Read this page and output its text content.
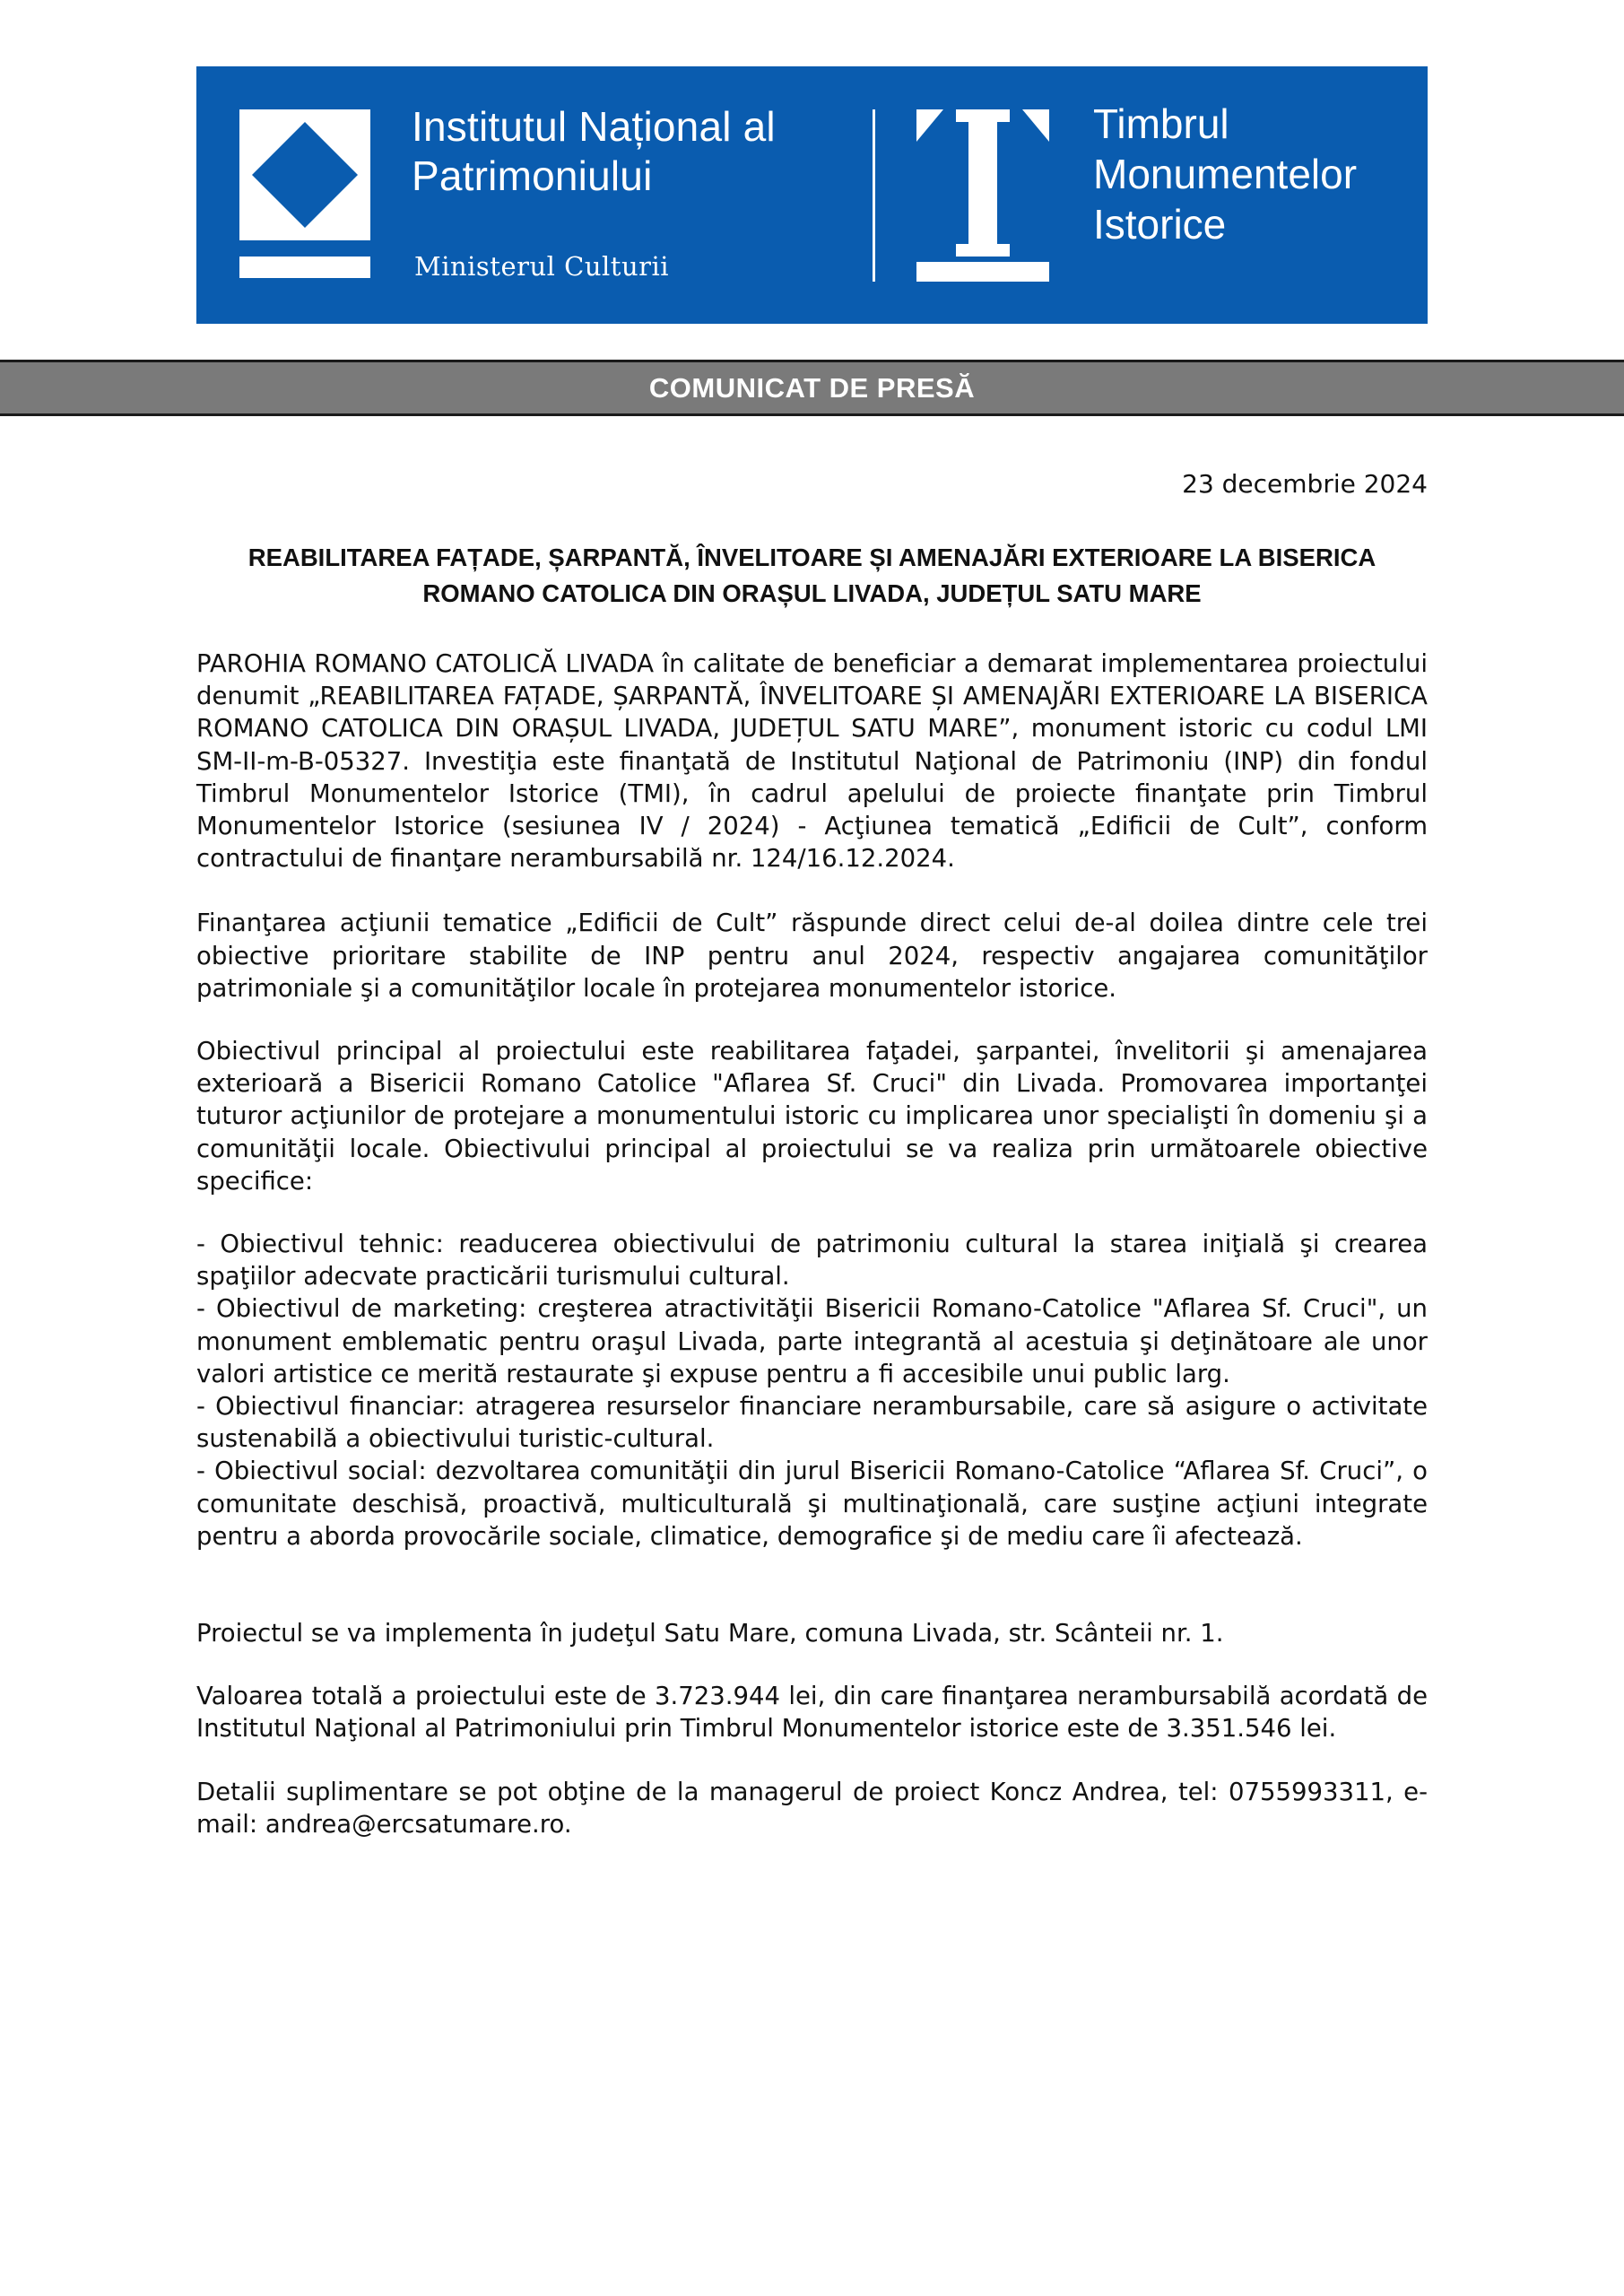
Institutul Național al
Patrimoniului
Ministerul Culturii
Timbrul
Monumentelor
Istorice
COMUNICAT DE PRESĂ
23 decembrie 2024
REABILITAREA FAȚADE, ȘARPANTĂ, ÎNVELITOARE ȘI AMENAJĂRI EXTERIOARE LA BISERICA
ROMANO CATOLICA DIN ORAȘUL LIVADA, JUDEȚUL SATU MARE

PAROHIA ROMANO CATOLICĂ LIVADA în calitate de beneficiar a demarat implementarea proiectului denumit „REABILITAREA FAȚADE, ȘARPANTĂ, ÎNVELITOARE ȘI AMENAJĂRI EXTERIOARE LA BISERICA ROMANO CATOLICA DIN ORAȘUL LIVADA, JUDEȚUL SATU MARE”, monument istoric cu codul LMI SM-II-m-B-05327. Investiţia este finanţată de Institutul Naţional de Patrimoniu (INP) din fondul Timbrul Monumentelor Istorice (TMI), în cadrul apelului de proiecte finanţate prin Timbrul Monumentelor Istorice (sesiunea IV / 2024) - Acţiunea tematică „Edificii de Cult”, conform contractului de finanţare nerambursabilă nr. 124/16.12.2024.

Finanţarea acţiunii tematice „Edificii de Cult” răspunde direct celui de-al doilea dintre cele trei obiective prioritare stabilite de INP pentru anul 2024, respectiv angajarea comunităţilor patrimoniale şi a comunităţilor locale în protejarea monumentelor istorice.

Obiectivul principal al proiectului este reabilitarea faţadei, şarpantei, învelitorii şi amenajarea exterioară a Bisericii Romano Catolice "Aflarea Sf. Cruci" din Livada. Promovarea importanţei tuturor acţiunilor de protejare a monumentului istoric cu implicarea unor specialişti în domeniu şi a comunităţii locale. Obiectivului principal al proiectului se va realiza prin următoarele obiective specifice:

- Obiectivul tehnic: readucerea obiectivului de patrimoniu cultural la starea iniţială şi crearea spaţiilor adecvate practicării turismului cultural.

- Obiectivul de marketing: creşterea atractivităţii Bisericii Romano-Catolice "Aflarea Sf. Cruci", un monument emblematic pentru oraşul Livada, parte integrantă al acestuia şi deţinătoare ale unor valori artistice ce merită restaurate şi expuse pentru a fi accesibile unui public larg.

- Obiectivul financiar: atragerea resurselor financiare nerambursabile, care să asigure o activitate sustenabilă a obiectivului turistic-cultural.

- Obiectivul social: dezvoltarea comunităţii din jurul Bisericii Romano-Catolice “Aflarea Sf. Cruci”, o comunitate deschisă, proactivă, multiculturală şi multinaţională, care susţine acţiuni integrate pentru a aborda provocările sociale, climatice, demografice şi de mediu care îi afectează.

Proiectul se va implementa în judeţul Satu Mare, comuna Livada, str. Scânteii nr. 1.

Valoarea totală a proiectului este de 3.723.944 lei, din care finanţarea nerambursabilă acordată de Institutul Naţional al Patrimoniului prin Timbrul Monumentelor istorice este de 3.351.546 lei.

Detalii suplimentare se pot obţine de la managerul de proiect Koncz Andrea, tel: 0755993311, e-mail: andrea@ercsatumare.ro.
